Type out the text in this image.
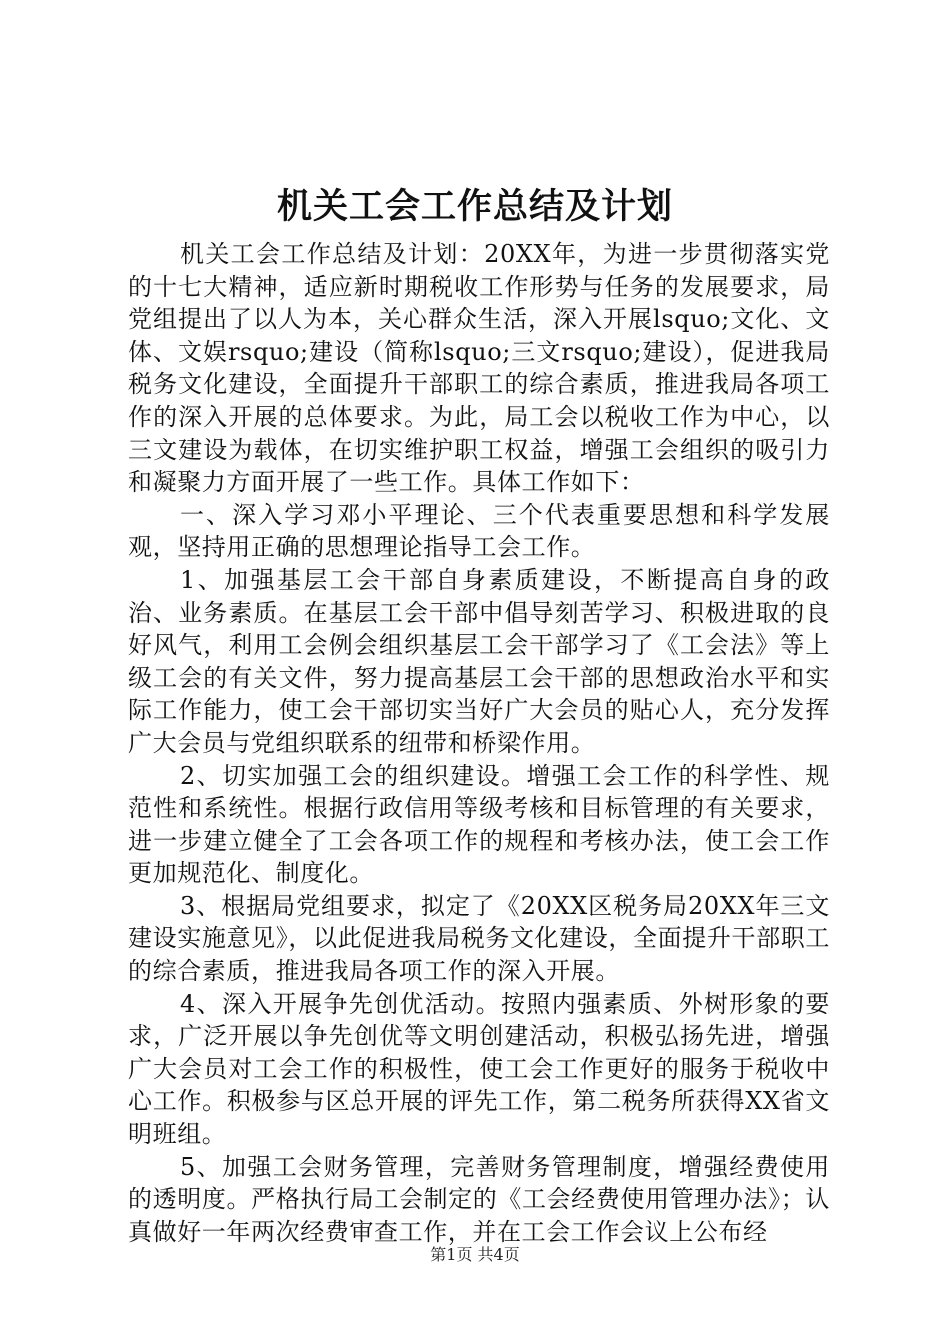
机关工会工作总结及计划

机关工会工作总结及计划：20XX年，为进一步贯彻落实党的十七大精神，适应新时期税收工作形势与任务的发展要求，局党组提出了以人为本，关心群众生活，深入开展lsquo;文化、文体、文娱rsquo;建设（简称lsquo;三文rsquo;建设），促进我局税务文化建设，全面提升干部职工的综合素质，推进我局各项工作的深入开展的总体要求。为此，局工会以税收工作为中心，以三文建设为载体，在切实维护职工权益，增强工会组织的吸引力和凝聚力方面开展了一些工作。具体工作如下：

一、深入学习邓小平理论、三个代表重要思想和科学发展观，坚持用正确的思想理论指导工会工作。

1、加强基层工会干部自身素质建设，不断提高自身的政治、业务素质。在基层工会干部中倡导刻苦学习、积极进取的良好风气，利用工会例会组织基层工会干部学习了《工会法》等上级工会的有关文件，努力提高基层工会干部的思想政治水平和实际工作能力，使工会干部切实当好广大会员的贴心人，充分发挥广大会员与党组织联系的纽带和桥梁作用。

2、切实加强工会的组织建设。增强工会工作的科学性、规范性和系统性。根据行政信用等级考核和目标管理的有关要求，进一步建立健全了工会各项工作的规程和考核办法，使工会工作更加规范化、制度化。

3、根据局党组要求，拟定了《20XX区税务局20XX年三文建设实施意见》，以此促进我局税务文化建设，全面提升干部职工的综合素质，推进我局各项工作的深入开展。

4、深入开展争先创优活动。按照内强素质、外树形象的要求，广泛开展以争先创优等文明创建活动，积极弘扬先进，增强广大会员对工会工作的积极性，使工会工作更好的服务于税收中心工作。积极参与区总开展的评先工作，第二税务所获得XX省文明班组。

5、加强工会财务管理，完善财务管理制度，增强经费使用的透明度。严格执行局工会制定的《工会经费使用管理办法》；认真做好一年两次经费审查工作，并在工会工作会议上公布经

第1页 共4页
